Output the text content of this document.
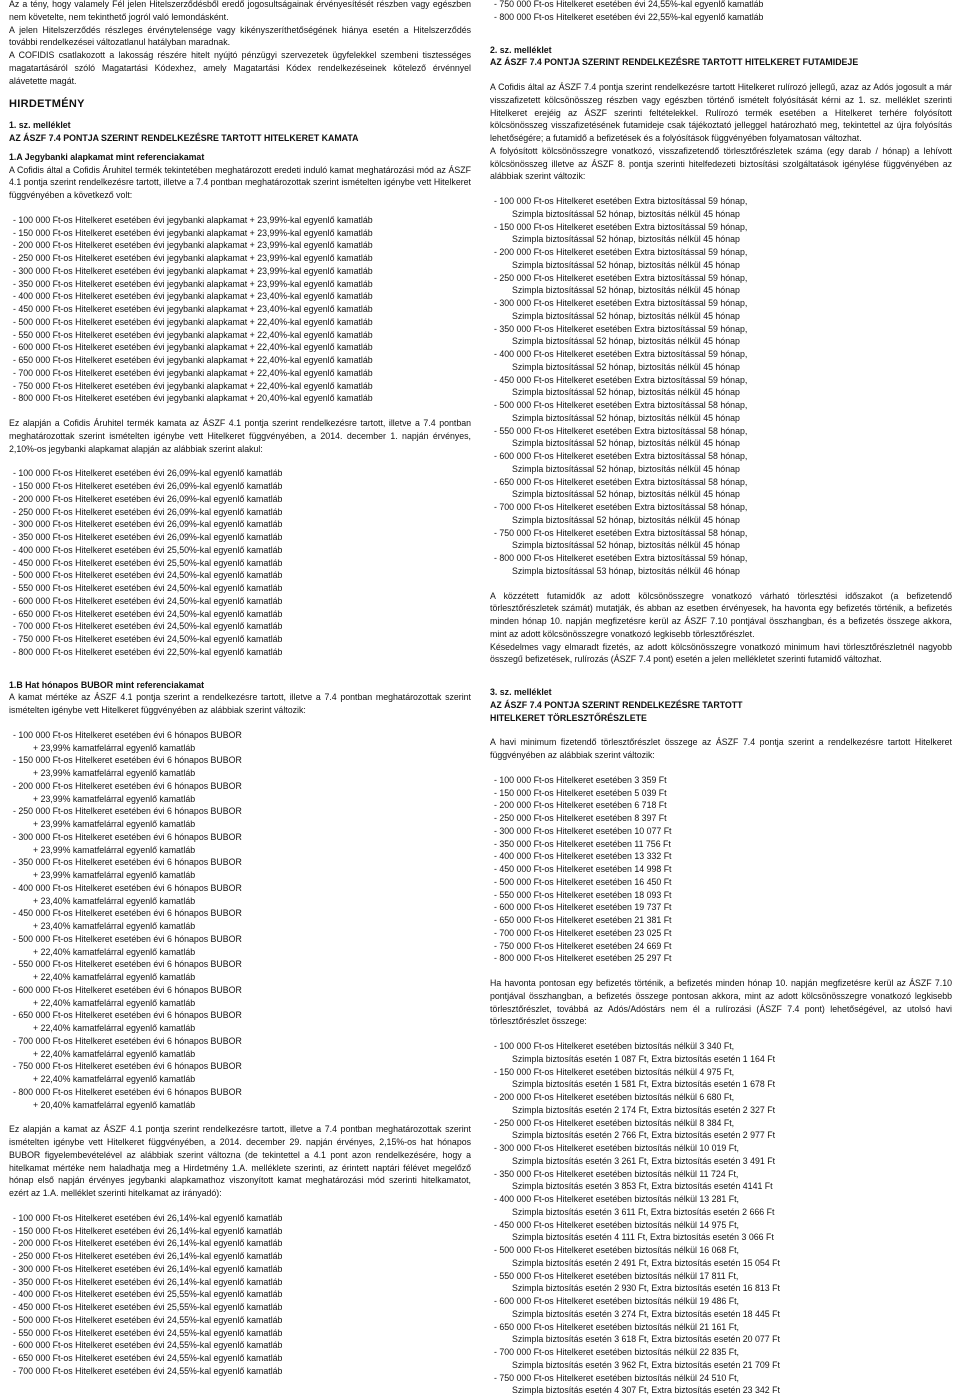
Az a tény, hogy valamely Fél jelen Hitelszerződésből eredő jogosultságainak érvényesítését részben vagy egészben nem követelte, nem tekinthető jogról való lemondásként.

A jelen Hitelszerződés részleges érvénytelensége vagy kikényszeríthetőségének hiánya esetén a Hitelszerződés további rendelkezései változatlanul hatályban maradnak.

A COFIDIS csatlakozott a lakosság részére hitelt nyújtó pénzügyi szervezetek ügyfelekkel szembeni tisztességes magatartásáról szóló Magatartási Kódexhez, amely Magatartási Kódex rendelkezéseinek kötelező érvénnyel alávetette magát.

HIRDETMÉNY
1. sz. melléklet
AZ ÁSZF 7.4 PONTJA SZERINT RENDELKEZÉSRE TARTOTT HITELKERET KAMATA
1.A Jegybanki alapkamat mint referenciakamat

A Cofidis által a Cofidis Áruhitel termék tekintetében meghatározott eredeti induló kamat meghatározási mód az ÁSZF 4.1 pontja szerint rendelkezésre tartott, illetve a 7.4 pontban meghatározottak szerint ismételten igénybe vett Hitelkeret függvényében a következő volt:

- 100 000 Ft-os Hitelkeret esetében évi jegybanki alapkamat + 23,99%-kal egyenlő kamatláb
- 150 000 Ft-os Hitelkeret esetében évi jegybanki alapkamat + 23,99%-kal egyenlő kamatláb
- 200 000 Ft-os Hitelkeret esetében évi jegybanki alapkamat + 23,99%-kal egyenlő kamatláb
- 250 000 Ft-os Hitelkeret esetében évi jegybanki alapkamat + 23,99%-kal egyenlő kamatláb
- 300 000 Ft-os Hitelkeret esetében évi jegybanki alapkamat + 23,99%-kal egyenlő kamatláb
- 350 000 Ft-os Hitelkeret esetében évi jegybanki alapkamat + 23,99%-kal egyenlő kamatláb
- 400 000 Ft-os Hitelkeret esetében évi jegybanki alapkamat + 23,40%-kal egyenlő kamatláb
- 450 000 Ft-os Hitelkeret esetében évi jegybanki alapkamat + 23,40%-kal egyenlő kamatláb
- 500 000 Ft-os Hitelkeret esetében évi jegybanki alapkamat + 22,40%-kal egyenlő kamatláb
- 550 000 Ft-os Hitelkeret esetében évi jegybanki alapkamat + 22,40%-kal egyenlő kamatláb
- 600 000 Ft-os Hitelkeret esetében évi jegybanki alapkamat + 22,40%-kal egyenlő kamatláb
- 650 000 Ft-os Hitelkeret esetében évi jegybanki alapkamat + 22,40%-kal egyenlő kamatláb
- 700 000 Ft-os Hitelkeret esetében évi jegybanki alapkamat + 22,40%-kal egyenlő kamatláb
- 750 000 Ft-os Hitelkeret esetében évi jegybanki alapkamat + 22,40%-kal egyenlő kamatláb
- 800 000 Ft-os Hitelkeret esetében évi jegybanki alapkamat + 20,40%-kal egyenlő kamatláb

Ez alapján a Cofidis Áruhitel termék kamata az ÁSZF 4.1 pontja szerint rendelkezésre tartott, illetve a 7.4 pontban meghatározottak szerint ismételten igénybe vett Hitelkeret függvényében, a 2014. december 1. napján érvényes, 2,10%-os jegybanki alapkamat alapján az alábbiak szerint alakul:

- 100 000 Ft-os Hitelkeret esetében évi 26,09%-kal egyenlő kamatláb
- 150 000 Ft-os Hitelkeret esetében évi 26,09%-kal egyenlő kamatláb
- 200 000 Ft-os Hitelkeret esetében évi 26,09%-kal egyenlő kamatláb
- 250 000 Ft-os Hitelkeret esetében évi 26,09%-kal egyenlő kamatláb
- 300 000 Ft-os Hitelkeret esetében évi 26,09%-kal egyenlő kamatláb
- 350 000 Ft-os Hitelkeret esetében évi 26,09%-kal egyenlő kamatláb
- 400 000 Ft-os Hitelkeret esetében évi 25,50%-kal egyenlő kamatláb
- 450 000 Ft-os Hitelkeret esetében évi 25,50%-kal egyenlő kamatláb
- 500 000 Ft-os Hitelkeret esetében évi 24,50%-kal egyenlő kamatláb
- 550 000 Ft-os Hitelkeret esetében évi 24,50%-kal egyenlő kamatláb
- 600 000 Ft-os Hitelkeret esetében évi 24,50%-kal egyenlő kamatláb
- 650 000 Ft-os Hitelkeret esetében évi 24,50%-kal egyenlő kamatláb
- 700 000 Ft-os Hitelkeret esetében évi 24,50%-kal egyenlő kamatláb
- 750 000 Ft-os Hitelkeret esetében évi 24,50%-kal egyenlő kamatláb
- 800 000 Ft-os Hitelkeret esetében évi 22,50%-kal egyenlő kamatláb
1.B Hat hónapos BUBOR mint referenciakamat

A kamat mértéke az ÁSZF 4.1 pontja szerint a rendelkezésre tartott, illetve a 7.4 pontban meghatározottak szerint ismételten igénybe vett Hitelkeret függvényében az alábbiak szerint változik:

- 100 000 Ft-os Hitelkeret esetében évi 6 hónapos BUBOR
+ 23,99% kamatfelárral egyenlő kamatláb
- 150 000 Ft-os Hitelkeret esetében évi 6 hónapos BUBOR
+ 23,99% kamatfelárral egyenlő kamatláb
- 200 000 Ft-os Hitelkeret esetében évi 6 hónapos BUBOR
+ 23,99% kamatfelárral egyenlő kamatláb
- 250 000 Ft-os Hitelkeret esetében évi 6 hónapos BUBOR
+ 23,99% kamatfelárral egyenlő kamatláb
- 300 000 Ft-os Hitelkeret esetében évi 6 hónapos BUBOR
+ 23,99% kamatfelárral egyenlő kamatláb
- 350 000 Ft-os Hitelkeret esetében évi 6 hónapos BUBOR
+ 23,99% kamatfelárral egyenlő kamatláb
- 400 000 Ft-os Hitelkeret esetében évi 6 hónapos BUBOR
+ 23,40% kamatfelárral egyenlő kamatláb
- 450 000 Ft-os Hitelkeret esetében évi 6 hónapos BUBOR
+ 23,40% kamatfelárral egyenlő kamatláb
- 500 000 Ft-os Hitelkeret esetében évi 6 hónapos BUBOR
+ 22,40% kamatfelárral egyenlő kamatláb
- 550 000 Ft-os Hitelkeret esetében évi 6 hónapos BUBOR
+ 22,40% kamatfelárral egyenlő kamatláb
- 600 000 Ft-os Hitelkeret esetében évi 6 hónapos BUBOR
+ 22,40% kamatfelárral egyenlő kamatláb
- 650 000 Ft-os Hitelkeret esetében évi 6 hónapos BUBOR
+ 22,40% kamatfelárral egyenlő kamatláb
- 700 000 Ft-os Hitelkeret esetében évi 6 hónapos BUBOR
+ 22,40% kamatfelárral egyenlő kamatláb
- 750 000 Ft-os Hitelkeret esetében évi 6 hónapos BUBOR
+ 22,40% kamatfelárral egyenlő kamatláb
- 800 000 Ft-os Hitelkeret esetében évi 6 hónapos BUBOR
+ 20,40% kamatfelárral egyenlő kamatláb

Ez alapján a kamat az ÁSZF 4.1 pontja szerint rendelkezésre tartott, illetve a 7.4 pontban meghatározottak szerint ismételten igénybe vett Hitelkeret függvényében, a 2014. december 29. napján érvényes, 2,15%-os hat hónapos BUBOR figyelembevételével az alábbiak szerint változna (de tekintettel a 4.1 pont azon rendelkezésére, hogy a hitelkamat mértéke nem haladhatja meg a Hirdetmény 1.A. melléklete szerinti, az érintett naptári félévet megelőző hónap első napján érvényes jegybanki alapkamathoz viszonyított kamat meghatározási mód szerinti hitelkamatot, ezért az 1.A. melléklet szerinti hitelkamat az irányadó):

- 100 000 Ft-os Hitelkeret esetében évi 26,14%-kal egyenlő kamatláb
- 150 000 Ft-os Hitelkeret esetében évi 26,14%-kal egyenlő kamatláb
- 200 000 Ft-os Hitelkeret esetében évi 26,14%-kal egyenlő kamatláb
- 250 000 Ft-os Hitelkeret esetében évi 26,14%-kal egyenlő kamatláb
- 300 000 Ft-os Hitelkeret esetében évi 26,14%-kal egyenlő kamatláb
- 350 000 Ft-os Hitelkeret esetében évi 26,14%-kal egyenlő kamatláb
- 400 000 Ft-os Hitelkeret esetében évi 25,55%-kal egyenlő kamatláb
- 450 000 Ft-os Hitelkeret esetében évi 25,55%-kal egyenlő kamatláb
- 500 000 Ft-os Hitelkeret esetében évi 24,55%-kal egyenlő kamatláb
- 550 000 Ft-os Hitelkeret esetében évi 24,55%-kal egyenlő kamatláb
- 600 000 Ft-os Hitelkeret esetében évi 24,55%-kal egyenlő kamatláb
- 650 000 Ft-os Hitelkeret esetében évi 24,55%-kal egyenlő kamatláb
- 700 000 Ft-os Hitelkeret esetében évi 24,55%-kal egyenlő kamatláb
- 750 000 Ft-os Hitelkeret esetében évi 24,55%-kal egyenlő kamatláb
- 800 000 Ft-os Hitelkeret esetében évi 22,55%-kal egyenlő kamatláb
2. sz. melléklet
AZ ÁSZF 7.4 PONTJA SZERINT RENDELKEZÉSRE TARTOTT HITELKERET FUTAMIDEJE

A Cofidis által az ÁSZF 7.4 pontja szerint rendelkezésre tartott Hitelkeret rulírozó jellegű, azaz az Adós jogosult a már visszafizetett kölcsönösszeg részben vagy egészben történő ismételt folyósítását kérni az 1. sz. melléklet szerinti Hitelkeret erejéig az ÁSZF szerinti feltételekkel. Rulírozó termék esetében a Hitelkeret terhére folyósított kölcsönösszeg visszafizetésének futamideje csak tájékoztató jelleggel határozható meg, tekintettel az újra folyósítás lehetőségére; a futamidő a befizetések és a folyósítások függvényében folyamatosan változhat.

A folyósított kölcsönösszegre vonatkozó, visszafizetendő törlesztőrészletek száma (egy darab / hónap) a lehívott kölcsönösszeg illetve az ÁSZF 8. pontja szerinti hitelfedezeti biztosítási szolgáltatások igénylése függvényében az alábbiak szerint változik:

- 100 000 Ft-os Hitelkeret esetében Extra biztosítással 59 hónap,
Szimpla biztosítással 52 hónap, biztosítás nélkül 45 hónap
- 150 000 Ft-os Hitelkeret esetében Extra biztosítással 59 hónap,
Szimpla biztosítással 52 hónap, biztosítás nélkül 45 hónap
- 200 000 Ft-os Hitelkeret esetében Extra biztosítással 59 hónap,
Szimpla biztosítással 52 hónap, biztosítás nélkül 45 hónap
- 250 000 Ft-os Hitelkeret esetében Extra biztosítással 59 hónap,
Szimpla biztosítással 52 hónap, biztosítás nélkül 45 hónap
- 300 000 Ft-os Hitelkeret esetében Extra biztosítással 59 hónap,
Szimpla biztosítással 52 hónap, biztosítás nélkül 45 hónap
- 350 000 Ft-os Hitelkeret esetében Extra biztosítással 59 hónap,
Szimpla biztosítással 52 hónap, biztosítás nélkül 45 hónap
- 400 000 Ft-os Hitelkeret esetében Extra biztosítással 59 hónap,
Szimpla biztosítással 52 hónap, biztosítás nélkül 45 hónap
- 450 000 Ft-os Hitelkeret esetében Extra biztosítással 59 hónap,
Szimpla biztosítással 52 hónap, biztosítás nélkül 45 hónap
- 500 000 Ft-os Hitelkeret esetében Extra biztosítással 58 hónap,
Szimpla biztosítással 52 hónap, biztosítás nélkül 45 hónap
- 550 000 Ft-os Hitelkeret esetében Extra biztosítással 58 hónap,
Szimpla biztosítással 52 hónap, biztosítás nélkül 45 hónap
- 600 000 Ft-os Hitelkeret esetében Extra biztosítással 58 hónap,
Szimpla biztosítással 52 hónap, biztosítás nélkül 45 hónap
- 650 000 Ft-os Hitelkeret esetében Extra biztosítással 58 hónap,
Szimpla biztosítással 52 hónap, biztosítás nélkül 45 hónap
- 700 000 Ft-os Hitelkeret esetében Extra biztosítással 58 hónap,
Szimpla biztosítással 52 hónap, biztosítás nélkül 45 hónap
- 750 000 Ft-os Hitelkeret esetében Extra biztosítással 58 hónap,
Szimpla biztosítással 52 hónap, biztosítás nélkül 45 hónap
- 800 000 Ft-os Hitelkeret esetében Extra biztosítással 59 hónap,
Szimpla biztosítással 53 hónap, biztosítás nélkül 46 hónap

A közzétett futamidők az adott kölcsönösszegre vonatkozó várható törlesztési időszakot (a befizetendő törlesztőrészletek számát) mutatják, és abban az esetben érvényesek, ha havonta egy befizetés történik, a befizetés minden hónap 10. napján megfizetésre kerül az ÁSZF 7.10 pontjával összhangban, és a befizetés összege akkora, mint az adott kölcsönösszegre vonatkozó legkisebb törlesztőrészlet.

Késedelmes vagy elmaradt fizetés, az adott kölcsönösszegre vonatkozó minimum havi törlesztőrészletnél nagyobb összegű befizetések, rulírozás (ÁSZF 7.4 pont) esetén a jelen mellékletet szerinti futamidő változhat.

3. sz. melléklet
AZ ÁSZF 7.4 PONTJA SZERINT RENDELKEZÉSRE TARTOTT
HITELKERET TÖRLESZTŐRÉSZLETE

A havi minimum fizetendő törlesztőrészlet összege az ÁSZF 7.4 pontja szerint a rendelkezésre tartott Hitelkeret függvényében az alábbiak szerint változik:

- 100 000 Ft-os Hitelkeret esetében 3 359 Ft
- 150 000 Ft-os Hitelkeret esetében 5 039 Ft
- 200 000 Ft-os Hitelkeret esetében 6 718 Ft
- 250 000 Ft-os Hitelkeret esetében 8 397 Ft
- 300 000 Ft-os Hitelkeret esetében 10 077 Ft
- 350 000 Ft-os Hitelkeret esetében 11 756 Ft
- 400 000 Ft-os Hitelkeret esetében 13 332 Ft
- 450 000 Ft-os Hitelkeret esetében 14 998 Ft
- 500 000 Ft-os Hitelkeret esetében 16 450 Ft
- 550 000 Ft-os Hitelkeret esetében 18 093 Ft
- 600 000 Ft-os Hitelkeret esetében 19 737 Ft
- 650 000 Ft-os Hitelkeret esetében 21 381 Ft
- 700 000 Ft-os Hitelkeret esetében 23 025 Ft
- 750 000 Ft-os Hitelkeret esetében 24 669 Ft
- 800 000 Ft-os Hitelkeret esetében 25 297 Ft

Ha havonta pontosan egy befizetés történik, a befizetés minden hónap 10. napján megfizetésre kerül az ÁSZF 7.10 pontjával összhangban, a befizetés összege pontosan akkora, mint az adott kölcsönösszegre vonatkozó legkisebb törlesztőrészlet, továbbá az Adós/Adóstárs nem él a rulírozási (ÁSZF 7.4 pont) lehetőségével, az utolsó havi törlesztőrészlet összege:

- 100 000 Ft-os Hitelkeret esetében biztosítás nélkül 3 340 Ft,
Szimpla biztosítás esetén 1 087 Ft, Extra biztosítás esetén 1 164 Ft
- 150 000 Ft-os Hitelkeret esetében biztosítás nélkül 4 975 Ft,
Szimpla biztosítás esetén 1 581 Ft, Extra biztosítás esetén 1 678 Ft
- 200 000 Ft-os Hitelkeret esetében biztosítás nélkül 6 680 Ft,
Szimpla biztosítás esetén 2 174 Ft, Extra biztosítás esetén 2 327 Ft
- 250 000 Ft-os Hitelkeret esetében biztosítás nélkül 8 384 Ft,
Szimpla biztosítás esetén 2 766 Ft, Extra biztosítás esetén 2 977 Ft
- 300 000 Ft-os Hitelkeret esetében biztosítás nélkül 10 019 Ft,
Szimpla biztosítás esetén 3 261 Ft, Extra biztosítás esetén 3 491 Ft
- 350 000 Ft-os Hitelkeret esetében biztosítás nélkül 11 724 Ft,
Szimpla biztosítás esetén 3 853 Ft, Extra biztosítás esetén 4141 Ft
- 400 000 Ft-os Hitelkeret esetében biztosítás nélkül 13 281 Ft,
Szimpla biztosítás esetén 3 611 Ft, Extra biztosítás esetén 2 666 Ft
- 450 000 Ft-os Hitelkeret esetében biztosítás nélkül 14 975 Ft,
Szimpla biztosítás esetén 4 111 Ft, Extra biztosítás esetén 3 066 Ft
- 500 000 Ft-os Hitelkeret esetében biztosítás nélkül 16 068 Ft,
Szimpla biztosítás esetén 2 491 Ft, Extra biztosítás esetén 15 054 Ft
- 550 000 Ft-os Hitelkeret esetében biztosítás nélkül 17 811 Ft,
Szimpla biztosítás esetén 2 930 Ft, Extra biztosítás esetén 16 813 Ft
- 600 000 Ft-os Hitelkeret esetében biztosítás nélkül 19 486 Ft,
Szimpla biztosítás esetén 3 274 Ft, Extra biztosítás esetén 18 445 Ft
- 650 000 Ft-os Hitelkeret esetében biztosítás nélkül 21 161 Ft,
Szimpla biztosítás esetén 3 618 Ft, Extra biztosítás esetén 20 077 Ft
- 700 000 Ft-os Hitelkeret esetében biztosítás nélkül 22 835 Ft,
Szimpla biztosítás esetén 3 962 Ft, Extra biztosítás esetén 21 709 Ft
- 750 000 Ft-os Hitelkeret esetében biztosítás nélkül 24 510 Ft,
Szimpla biztosítás esetén 4 307 Ft, Extra biztosítás esetén 23 342 Ft
